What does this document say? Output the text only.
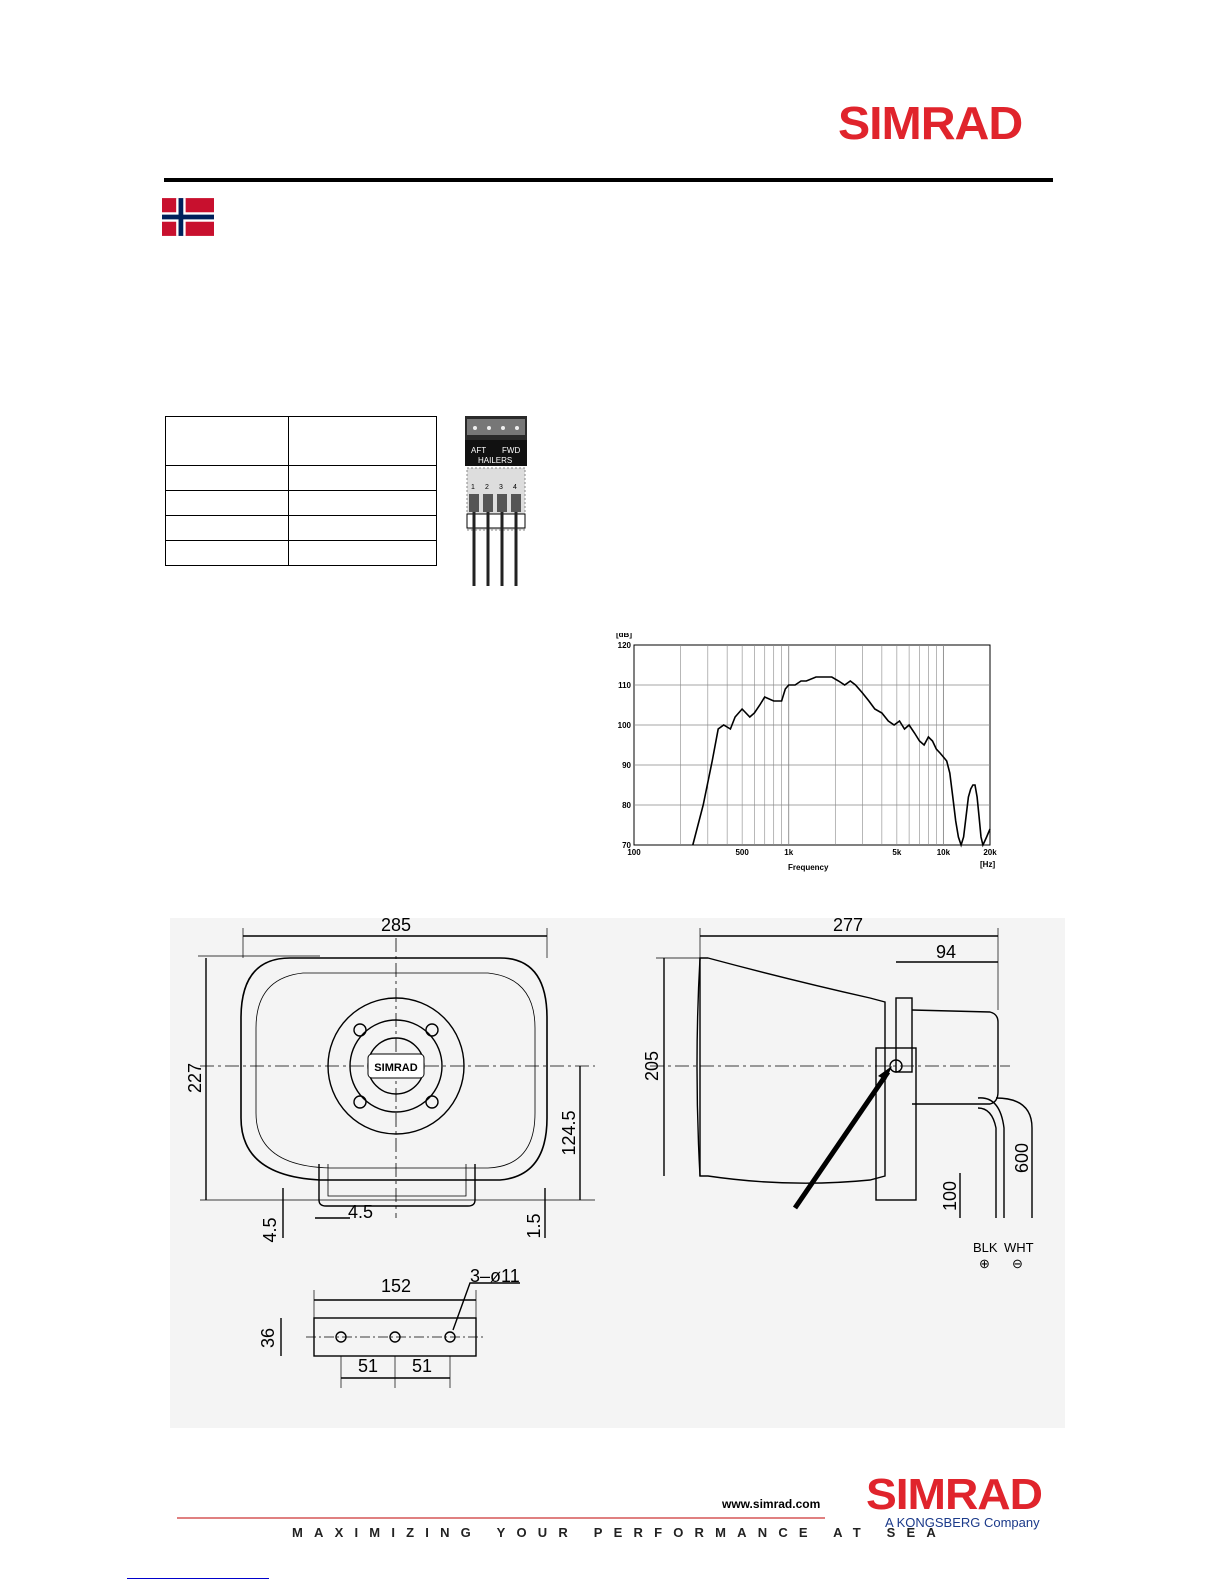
SIMRAD

AFT FWD
HAILERS
1 2 3 4
70
80
90
100
110
120
100	500	1k	5k	10k	20k
[dB]
Frequency	[Hz]
SIMRAD
285
227
124.5
4.5
4.5
1.5
152	3–ø11
36
51 51
277
94
205
100
600
BLK WHT
⊕ ⊖
www.simrad.com
MAXIMIZING YOUR PERFORMANCE AT SEA
SIMRAD
A KONGSBERG Company
